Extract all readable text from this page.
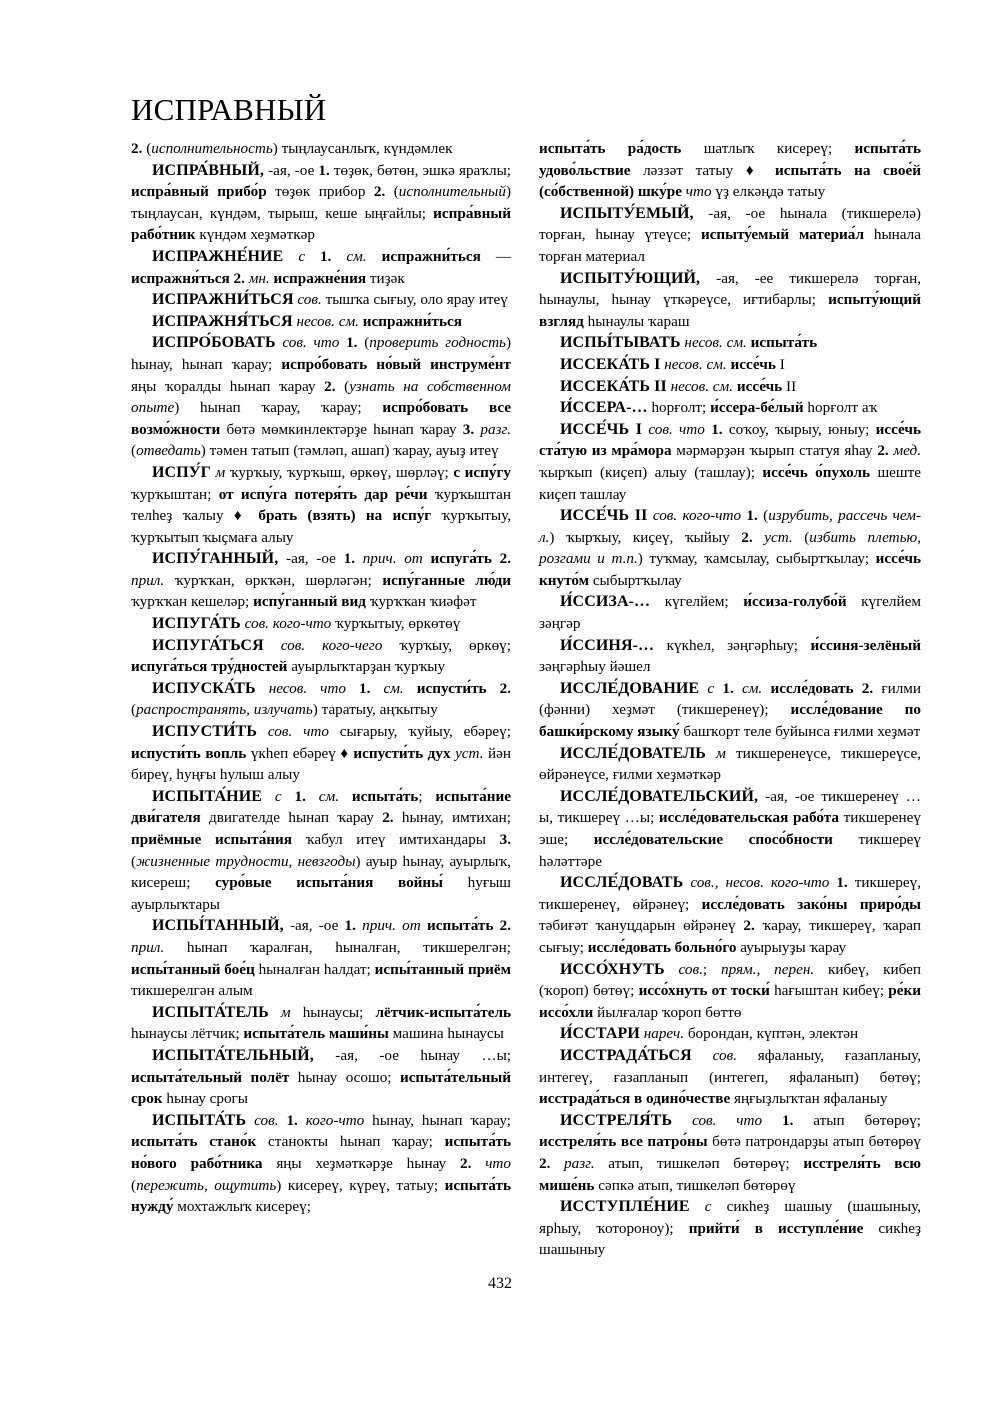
ИСПРАВНЫЙ

2. (исполнительность) тыңлаусанлыҡ, күндәмлек

ИСПРА́ВНЫЙ, -ая, -ое 1. төҙөк, бөтөн, эшкә яраҡлы; испра́вный прибо́р төҙөк прибор 2. (исполнительный) тыңлаусан, күндәм, тырыш, кеше ыңғайлы; испра́вный рабо́тник күндәм хеҙмәткәр

ИСПРАЖНЕ́НИЕ с 1. см. испражни́ться — испражня́ться 2. мн. испражне́ния тиҙәк

ИСПРАЖНИ́ТЬСЯ сов. тышҡа сығыу, оло ярау итеү

ИСПРАЖНЯ́ТЬСЯ несов. см. испражни́ться

ИСПРО́БОВАТЬ сов. что 1. (проверить годность) һынау, һынап ҡарау; испро́бовать но́вый инструме́нт яңы ҡоралды һынап ҡарау 2. (узнать на собственном опыте) һынап ҡарау, ҡарау; испро́бовать все возмо́жности бөтә мөмкинлектәрҙе һынап ҡарау 3. разг. (отведать) тәмен татып (тәмләп, ашап) ҡарау, ауыҙ итеү

ИСПУ́Г м ҡурҡыу, ҡурҡыш, өркөү, шөрләү; с испу́гу ҡурҡыштан; от испу́га потеря́ть дар ре́чи ҡурҡыштан телһеҙ ҡалыу ♦ брать (взять) на испу́г ҡурҡытыу, ҡурҡытып ҡыҫмаға алыу

ИСПУ́ГАННЫЙ, -ая, -ое 1. прич. от испуга́ть 2. прил. ҡурҡҡан, өркҡән, шөрләгән; испу́ганные лю́ди ҡурҡҡан кешеләр; испу́ганный вид ҡурҡҡан ҡиәфәт

ИСПУГА́ТЬ сов. кого-что ҡурҡытыу, өркөтөү

ИСПУГА́ТЬСЯ сов. кого-чего ҡурҡыу, өркөү; испуга́ться тру́дностей ауырлыҡтарҙан ҡурҡыу

ИСПУСКА́ТЬ несов. что 1. см. испусти́ть 2. (распространять, излучать) таратыу, аңҡытыу

ИСПУСТИ́ТЬ сов. что сығарыу, ҡуйыу, ебәреү; испусти́ть вопль үкһеп ебәреү ♦ испусти́ть дух уст. йән биреү, һуңғы һулыш алыу

ИСПЫТА́НИЕ с 1. см. испыта́ть; испыта́ние дви́гателя двигателде һынап ҡарау 2. һынау, имтихан; приёмные испыта́ния ҡабул итеү имтихандары 3. (жизненные трудности, невзгоды) ауыр һынау, ауырлыҡ, кисереш; суро́вые испыта́ния войны́ һуғыш ауырлыҡтары

ИСПЫ́ТАННЫЙ, -ая, -ое 1. прич. от испыта́ть 2. прил. һынап ҡаралған, һыналған, тикшерелгән; испы́танный бое́ц һыналған һалдат; испы́танный приём тикшерелгән алым

ИСПЫТА́ТЕЛЬ м һынаусы; лётчик-испыта́тель һынаусы лётчик; испыта́тель маши́ны машина һынаусы

ИСПЫТА́ТЕЛЬНЫЙ, -ая, -ое һынау …ы; испыта́тельный полёт һынау осошо; испыта́тельный срок һынау срогы

ИСПЫТА́ТЬ сов. 1. кого-что һынау, һынап ҡарау; испыта́ть стано́к станокты һынап ҡарау; испыта́ть но́вого рабо́тника яңы хеҙмәткәрҙе һынау 2. что (пережить, ощутить) кисереү, күреү, татыу; испыта́ть нужду́ мохтажлыҡ кисереү;

испыта́ть ра́дость шатлыҡ кисереү; испыта́ть удово́льствие ләззәт татыу ♦ испыта́ть на свое́й (со́бственной) шку́ре что үҙ елкәңдә татыу

ИСПЫТУ́ЕМЫЙ, -ая, -ое һынала (тикшерелә) торған, һынау үтеүсе; испыту́емый материа́л һынала торған материал

ИСПЫТУ́ЮЩИЙ, -ая, -ее тикшерелә торған, һынаулы, һынау үткәреүсе, иғтибарлы; испыту́ющий взгляд һынаулы ҡараш

ИСПЫ́ТЫВАТЬ несов. см. испыта́ть

ИССЕКА́ТЬ I несов. см. иссе́чь I

ИССЕКА́ТЬ II несов. см. иссе́чь II

И́ССЕРА-… һорғолт; и́ссера-бе́лый һорғолт аҡ

ИССЕ́ЧЬ I сов. что 1. соҡоу, ҡырыу, юныу; иссе́чь ста́тую из мра́мора мәрмәрҙән ҡырып статуя яһау 2. мед. ҡырҡып (киҫеп) алыу (ташлау); иссе́чь о́пухоль шеште киҫеп ташлау

ИССЕ́ЧЬ II сов. кого-что 1. (изрубить, рассечь чем-л.) ҡырҡыу, киҫеү, ҡыйыу 2. уст. (избить плетью, розгами и т.п.) туҡмау, ҡамсылау, сыбыртҡылау; иссе́чь кнуто́м сыбыртҡылау

И́ССИЗА-… күгелйем; и́ссиза-голубо́й күгелйем зәңгәр

И́ССИНЯ-… күкһел, зәңгәрһыу; и́ссиня-зелёный зәңгәрһыу йәшел

ИССЛЕ́ДОВАНИЕ с 1. см. иссле́довать 2. ғилми (фәнни) хеҙмәт (тикшеренеү); иссле́дование по башки́рскому языку́ башҡорт теле буйынса ғилми хеҙмәт

ИССЛЕ́ДОВАТЕЛЬ м тикшеренеүсе, тикшереүсе, өйрәнеүсе, ғилми хеҙмәткәр

ИССЛЕ́ДОВАТЕЛЬСКИЙ, -ая, -ое тикшеренеү …ы, тикшереү …ы; иссле́довательская рабо́та тикшеренеү эше; иссле́довательские спосо́бности тикшереү һәләттәре

ИССЛЕ́ДОВАТЬ сов., несов. кого-что 1. тикшереү, тикшеренеү, өйрәнеү; иссле́довать зако́ны приро́ды тәбиғәт ҡануцдарын өйрәнеү 2. ҡарау, тикшереү, ҡарап сығыу; иссле́довать больно́го ауырыуҙы ҡарау

ИССО́ХНУТЬ сов.; прям., перен. кибеү, кибеп (ҡороп) бөтөү; иссо́хнуть от тоски́ һағыштан кибеү; ре́ки иссо́хли йылғалар ҡороп бөттө

И́ССТАРИ нареч. борондан, күптән, электән

ИССТРАДА́ТЬСЯ сов. яфаланыу, ғазапланыу, интегеү, ғазапланып (интегеп, яфаланып) бөтөү; исстрада́ться в одино́честве яңғыҙлыҡтан яфаланыу

ИССТРЕЛЯ́ТЬ сов. что 1. атып бөтөрөү; исстреля́ть все патро́ны бөтә патрондарҙы атып бөтөрөү 2. разг. атып, тишкеләп бөтөрөү; исстреля́ть всю мише́нь сәпкә атып, тишкеләп бөтөрөү

ИССТУПЛЕ́НИЕ с сикһеҙ шашыу (шашыныу, ярһыу, ҡотороноу); прийти́ в исступле́ние сикһеҙ шашыныу

432
